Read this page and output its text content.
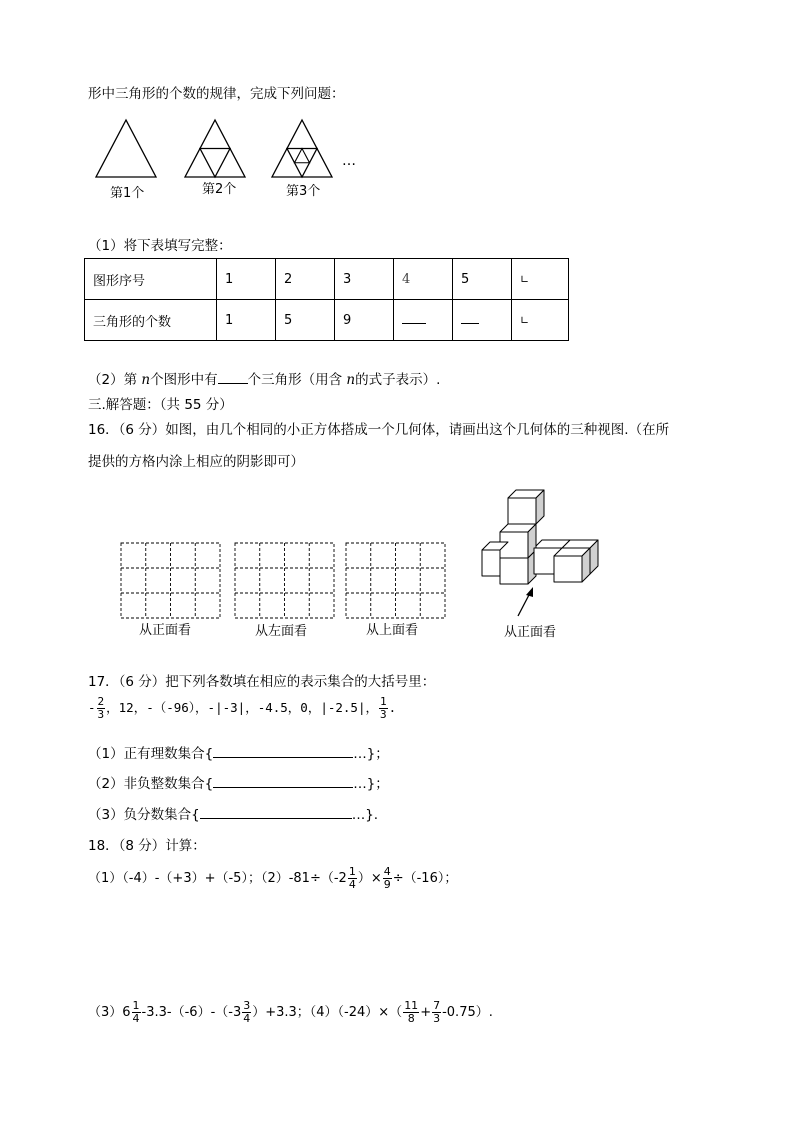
形中三角形的个数的规律，完成下列问题：
…
第1个	第2个	第3个
（1）将下表填写完整：
图形序号	1	2	3	4	5	∟
三角形的个数	1	5	9			∟
（2）第 n个图形中有 个三角形（用含 n的式子表示）.
三.解答题：（共 55 分）
16．（6 分）如图，由几个相同的小正方体搭成一个几何体，请画出这个几何体的三种视图.（在所
提供的方格内涂上相应的阴影即可）
从正面看	从左面看	从上面看	从正面看
17．（6 分）把下列各数填在相应的表示集合的大括号里：
- $\frac{2}{3}$ ，12，-（-96），-|-3|，-4.5，0，|-2.5|， $\frac{1}{3}$ .
（1）正有理数集合{	…}；
（2）非负整数集合{	…}；
（3）负分数集合{	…}.
18．（8 分）计算：
（1）（-4）-（+3）+（-5）；$(2)-81\div(-2 \frac{1}{4}$ ）× $\frac{4}{9} \div(-16)$；
$(3)6 \frac{1}{4} -3.3-(-6)-(-3 \frac{3}{4} )+3.3$；$(4)(-24)\times( \frac{11}{8} + \frac{7}{3} -0.75)$.
